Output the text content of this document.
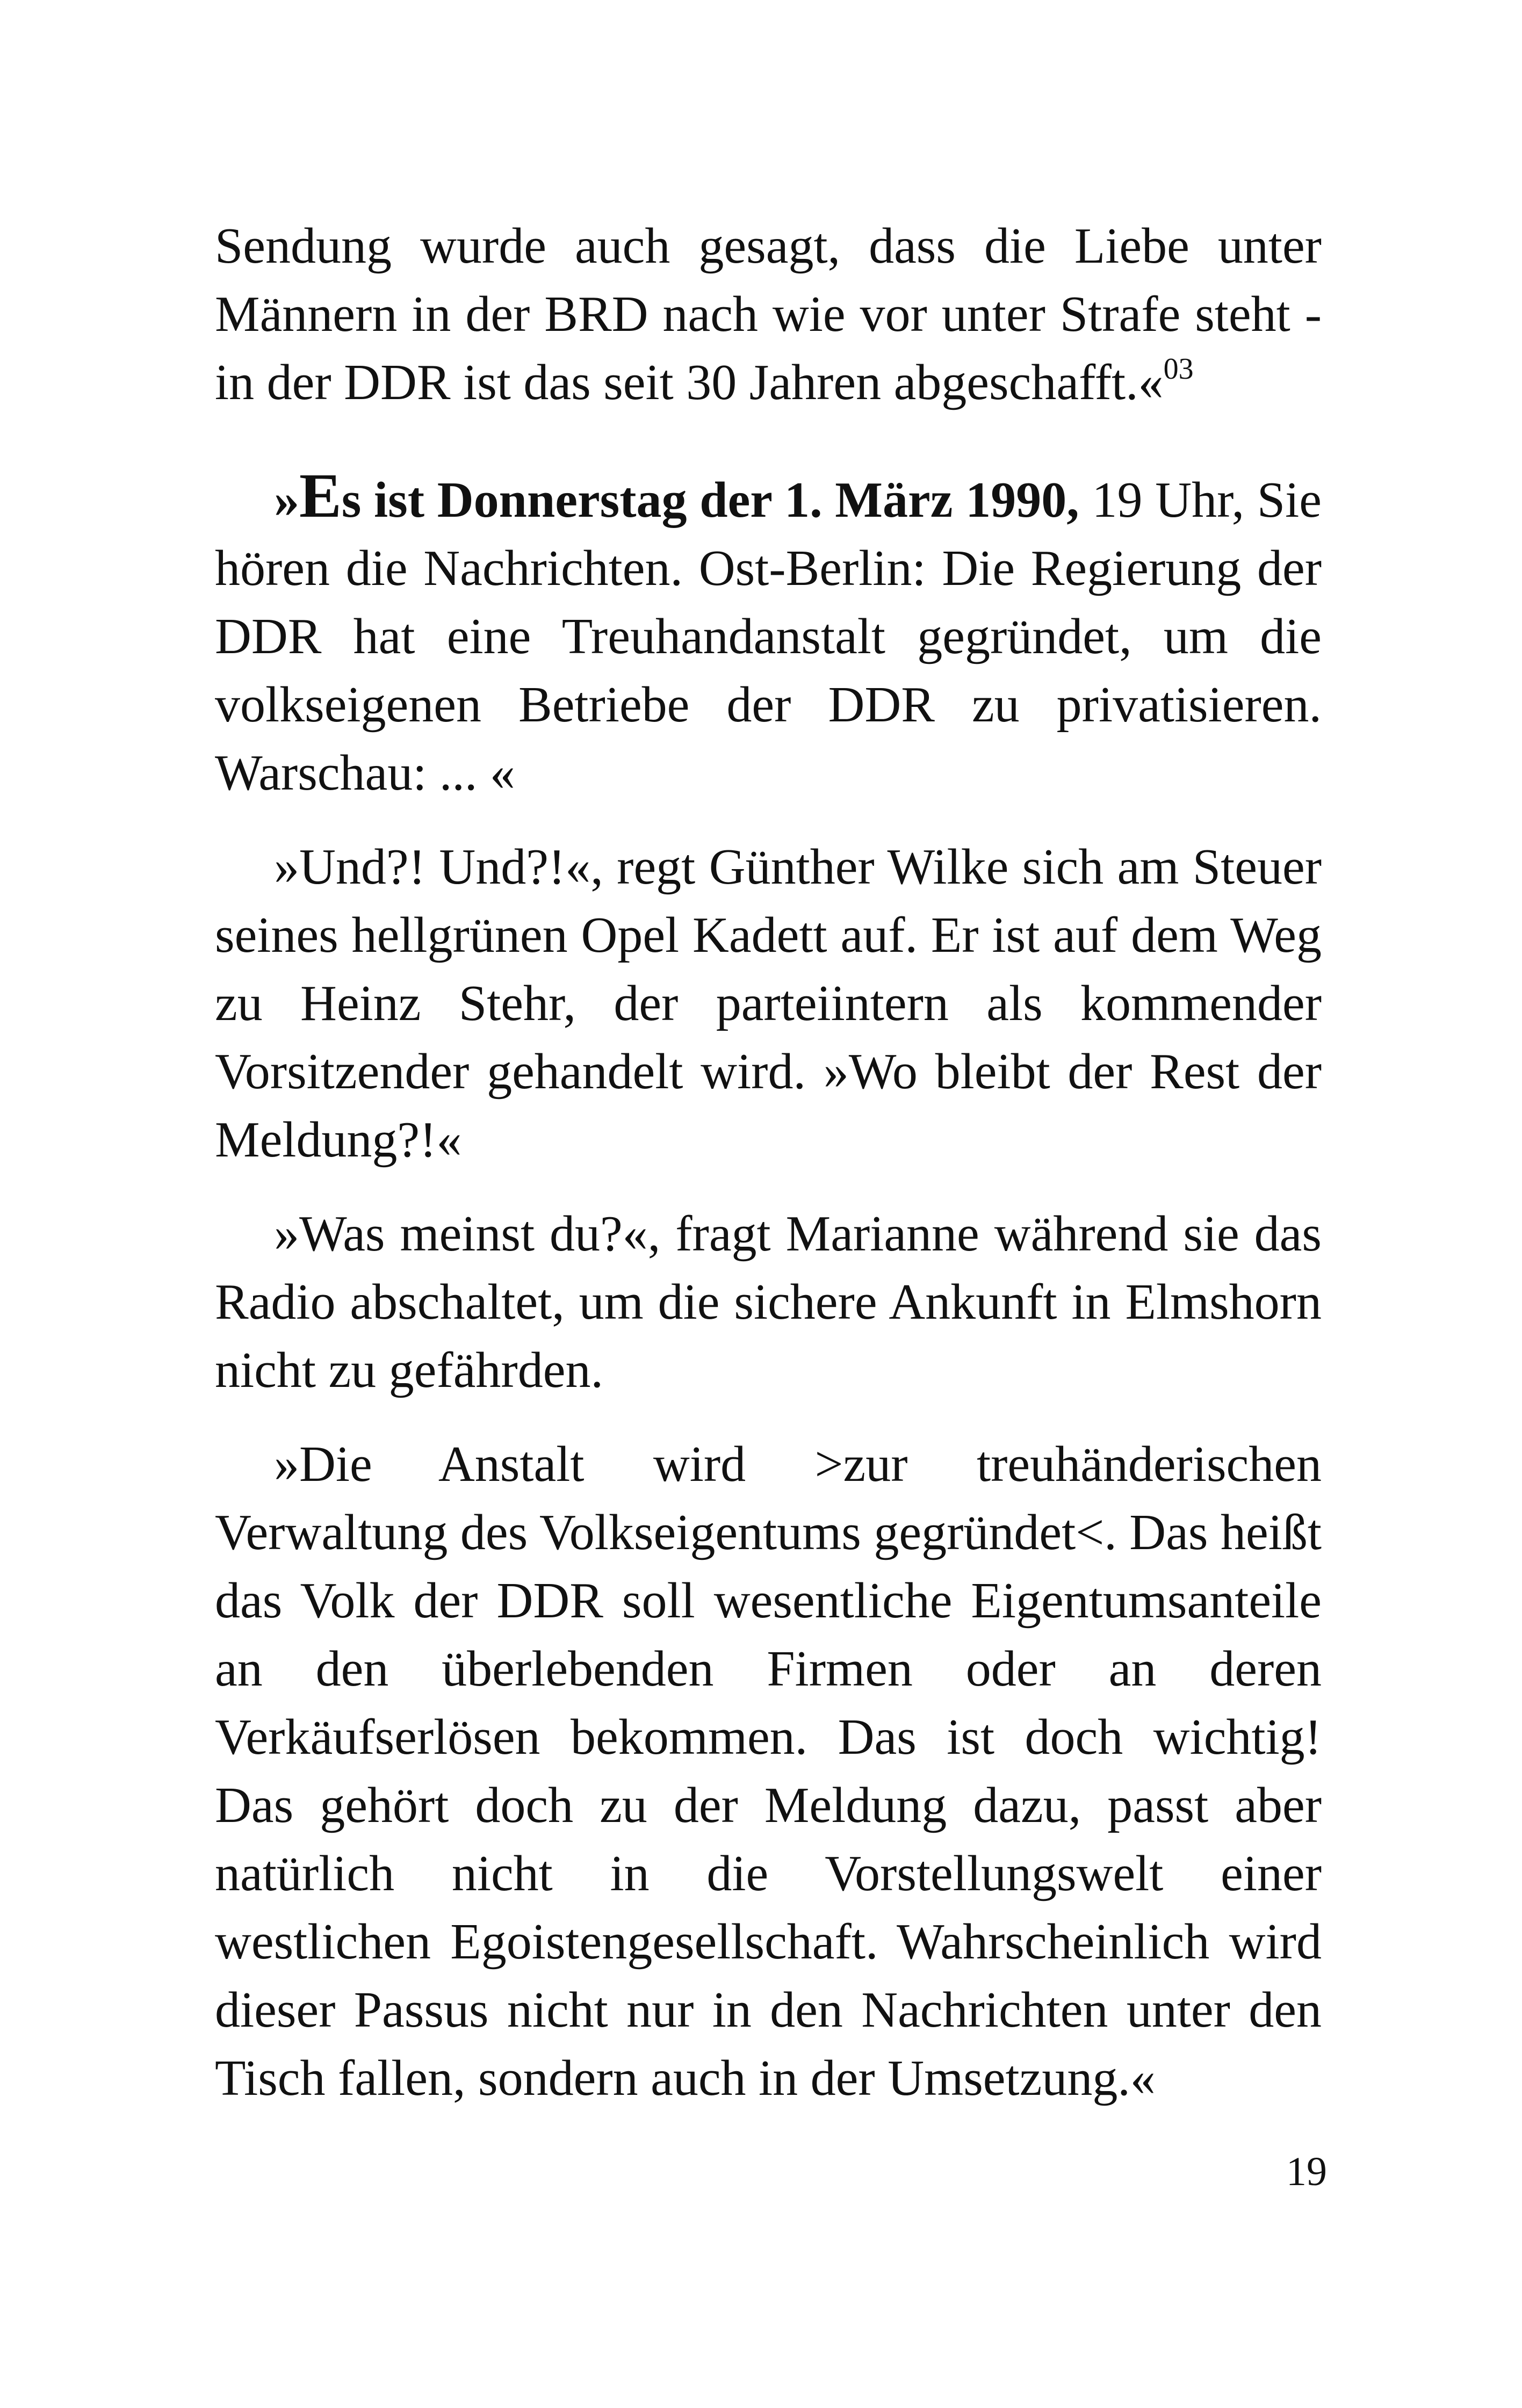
Sendung wurde auch gesagt, dass die Liebe unter Männern in der BRD nach wie vor unter Strafe steht - in der DDR ist das seit 30 Jahren abgeschafft.«$^{03}$

»Es ist Donnerstag der 1. März 1990, 19 Uhr, Sie hören die Nachrichten. Ost-Berlin: Die Regierung der DDR hat eine Treuhandanstalt gegründet, um die volkseigenen Betriebe der DDR zu privatisieren. Warschau: ... «

»Und?! Und?!«, regt Günther Wilke sich am Steuer seines hellgrünen Opel Kadett auf. Er ist auf dem Weg zu Heinz Stehr, der parteiintern als kommender Vorsitzender gehandelt wird. »Wo bleibt der Rest der Meldung?!«

»Was meinst du?«, fragt Marianne während sie das Radio abschaltet, um die sichere Ankunft in Elmshorn nicht zu gefährden.

»Die Anstalt wird >zur treuhänderischen Verwaltung des Volkseigentums gegründet<. Das heißt das Volk der DDR soll wesentliche Eigentumsanteile an den überlebenden Firmen oder an deren Verkäufserlösen bekommen. Das ist doch wichtig! Das gehört doch zu der Meldung dazu, passt aber natürlich nicht in die Vorstellungswelt einer westlichen Egoistengesellschaft. Wahrscheinlich wird dieser Passus nicht nur in den Nachrichten unter den Tisch fallen, sondern auch in der Umsetzung.«

19
